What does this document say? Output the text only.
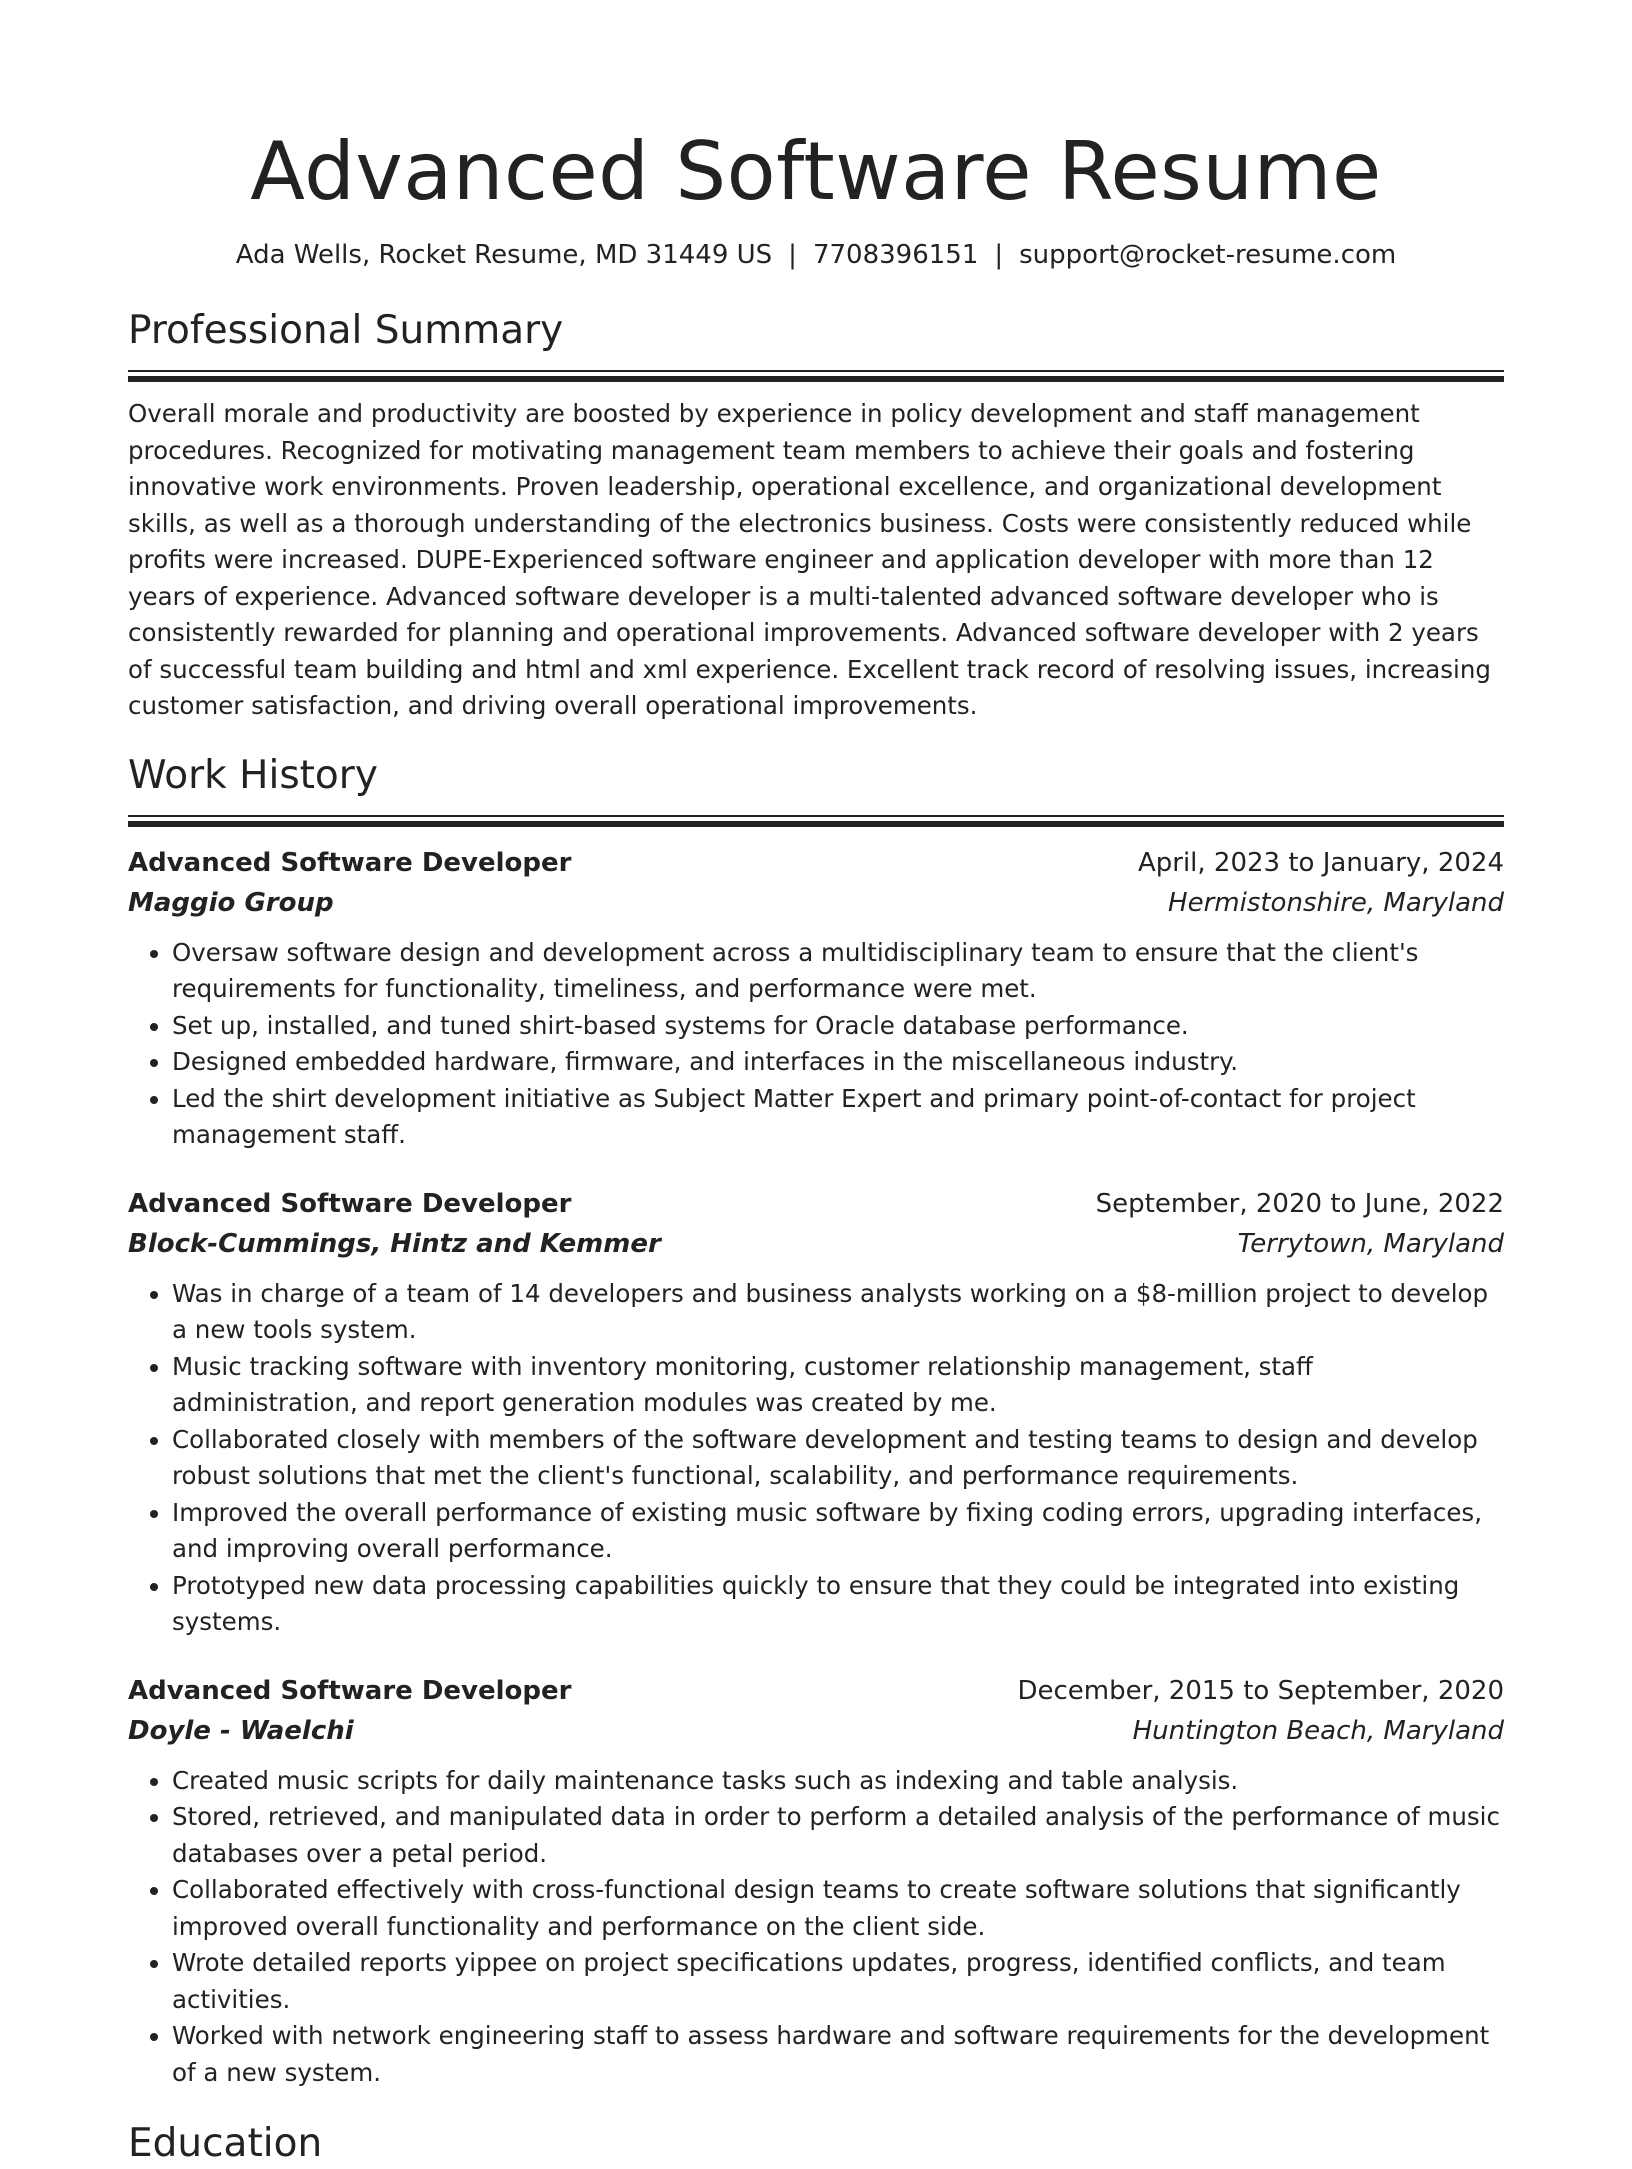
Advanced Software Resume
Ada Wells, Rocket Resume, MD 31449 US | 7708396151 | support@rocket-resume.com
Professional Summary

Overall morale and productivity are boosted by experience in policy development and staff management procedures. Recognized for motivating management team members to achieve their goals and fostering innovative work environments. Proven leadership, operational excellence, and organizational development skills, as well as a thorough understanding of the electronics business. Costs were consistently reduced while profits were increased. DUPE-Experienced software engineer and application developer with more than 12 years of experience. Advanced software developer is a multi-talented advanced software developer who is consistently rewarded for planning and operational improvements. Advanced software developer with 2 years of successful team building and html and xml experience. Excellent track record of resolving issues, increasing customer satisfaction, and driving overall operational improvements.

Work History
Advanced Software Developer	April, 2023 to January, 2024
Maggio Group	Hermistonshire, Maryland
• Oversaw software design and development across a multidisciplinary team to ensure that the client's requirements for functionality, timeliness, and performance were met.
• Set up, installed, and tuned shirt-based systems for Oracle database performance.
• Designed embedded hardware, firmware, and interfaces in the miscellaneous industry.
• Led the shirt development initiative as Subject Matter Expert and primary point-of-contact for project management staff.
Advanced Software Developer	September, 2020 to June, 2022
Block-Cummings, Hintz and Kemmer	Terrytown, Maryland
• Was in charge of a team of 14 developers and business analysts working on a $8-million project to develop a new tools system.
• Music tracking software with inventory monitoring, customer relationship management, staff administration, and report generation modules was created by me.
• Collaborated closely with members of the software development and testing teams to design and develop robust solutions that met the client's functional, scalability, and performance requirements.
• Improved the overall performance of existing music software by fixing coding errors, upgrading interfaces, and improving overall performance.
• Prototyped new data processing capabilities quickly to ensure that they could be integrated into existing systems.
Advanced Software Developer	December, 2015 to September, 2020
Doyle - Waelchi	Huntington Beach, Maryland
• Created music scripts for daily maintenance tasks such as indexing and table analysis.
• Stored, retrieved, and manipulated data in order to perform a detailed analysis of the performance of music databases over a petal period.
• Collaborated effectively with cross-functional design teams to create software solutions that significantly improved overall functionality and performance on the client side.
• Wrote detailed reports yippee on project specifications updates, progress, identified conflicts, and team activities.
• Worked with network engineering staff to assess hardware and software requirements for the development of a new system.
Education
